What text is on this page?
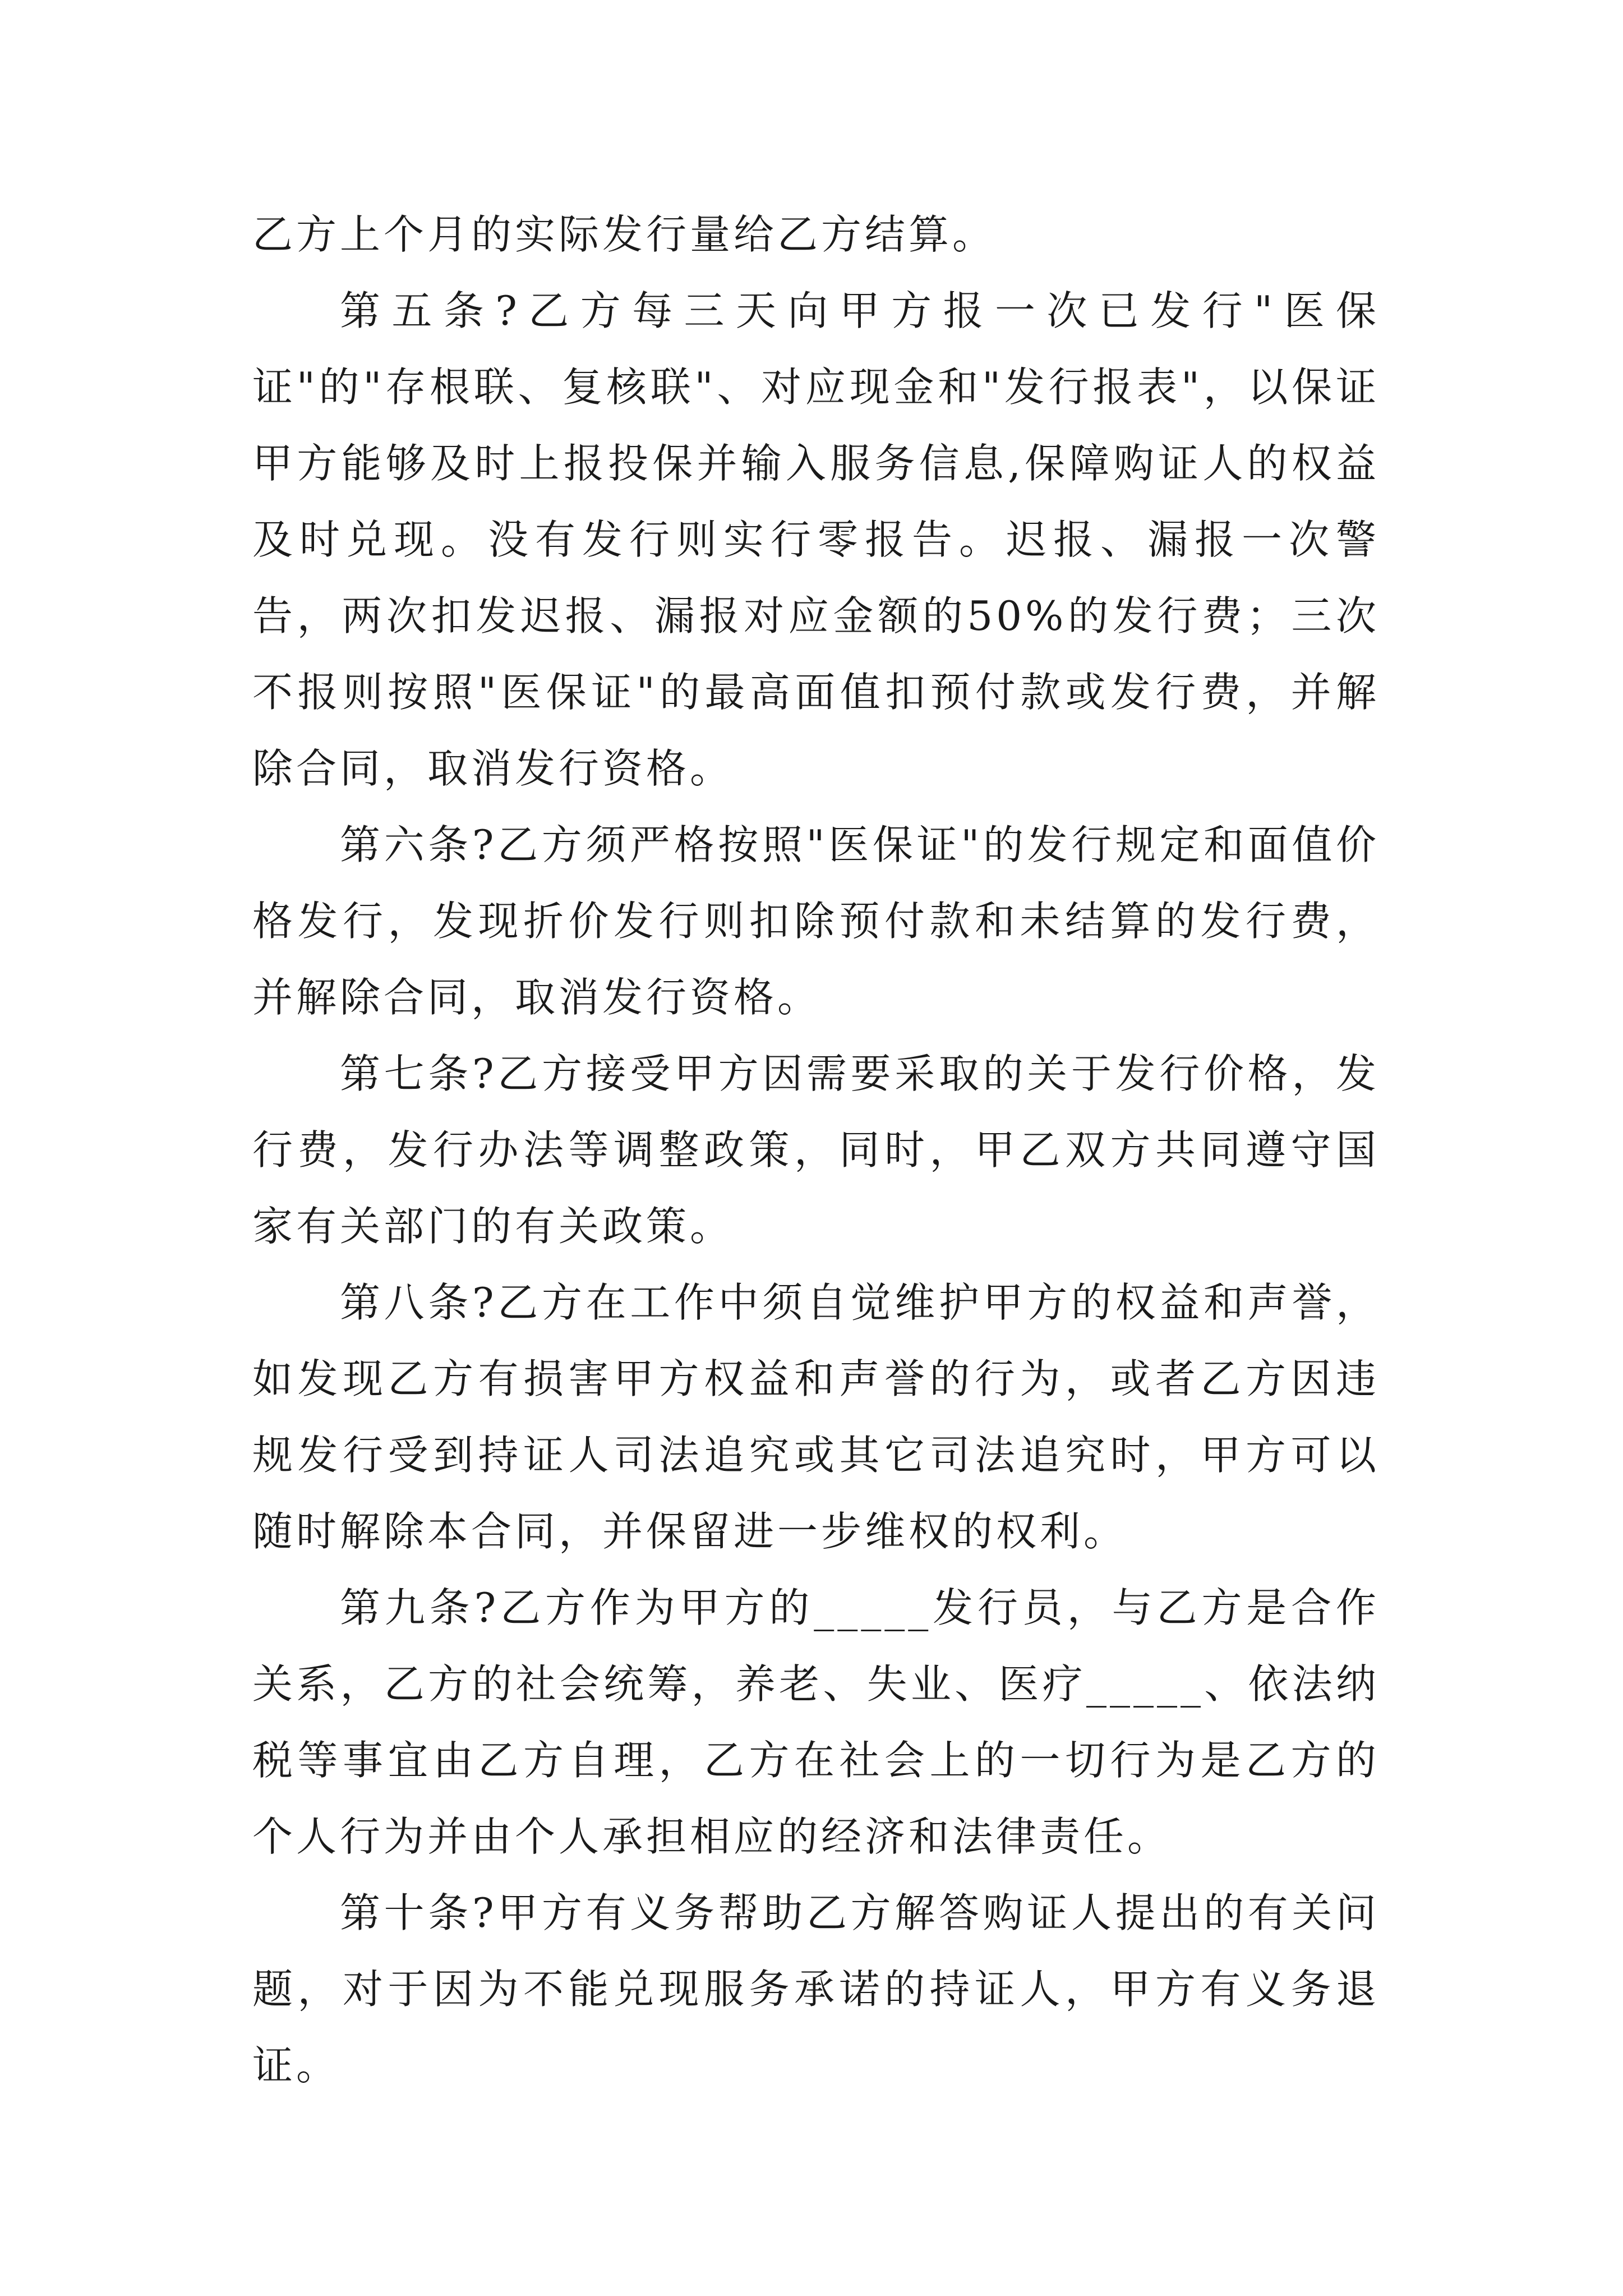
乙方上个月的实际发行量给乙方结算。

第五条?乙方每三天向甲方报一次已发行"医保证"的"存根联、复核联"、对应现金和"发行报表"，以保证甲方能够及时上报投保并输入服务信息,保障购证人的权益及时兑现。没有发行则实行零报告。迟报、漏报一次警告，两次扣发迟报、漏报对应金额的50%的发行费；三次不报则按照"医保证"的最高面值扣预付款或发行费，并解除合同，取消发行资格。

第六条?乙方须严格按照"医保证"的发行规定和面值价格发行，发现折价发行则扣除预付款和未结算的发行费，并解除合同，取消发行资格。

第七条?乙方接受甲方因需要采取的关于发行价格，发行费，发行办法等调整政策，同时，甲乙双方共同遵守国家有关部门的有关政策。

第八条?乙方在工作中须自觉维护甲方的权益和声誉，如发现乙方有损害甲方权益和声誉的行为，或者乙方因违规发行受到持证人司法追究或其它司法追究时，甲方可以随时解除本合同，并保留进一步维权的权利。

第九条?乙方作为甲方的_____发行员，与乙方是合作关系，乙方的社会统筹，养老、失业、医疗_____、依法纳税等事宜由乙方自理，乙方在社会上的一切行为是乙方的个人行为并由个人承担相应的经济和法律责任。

第十条?甲方有义务帮助乙方解答购证人提出的有关问题，对于因为不能兑现服务承诺的持证人，甲方有义务退证。
